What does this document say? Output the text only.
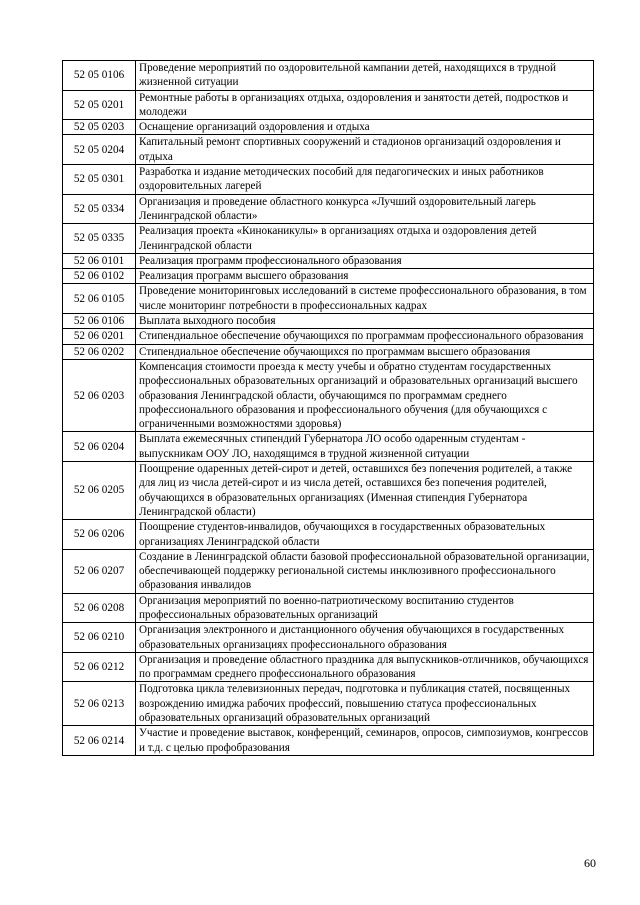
52 05 0106	Проведение мероприятий по оздоровительной кампании детей, находящихся в трудной жизненной ситуации
52 05 0201	Ремонтные работы в организациях отдыха, оздоровления и занятости детей, подростков и молодежи
52 05 0203	Оснащение организаций оздоровления и отдыха
52 05 0204	Капитальный ремонт спортивных сооружений и стадионов организаций оздоровления и отдыха
52 05 0301	Разработка и издание методических пособий для педагогических и иных работников оздоровительных лагерей
52 05 0334	Организация и проведение областного конкурса «Лучший оздоровительный лагерь Ленинградской области»
52 05 0335	Реализация проекта «Киноканикулы» в организациях отдыха и оздоровления детей Ленинградской области
52 06 0101	Реализация программ профессионального образования
52 06 0102	Реализация программ высшего образования
52 06 0105	Проведение мониторинговых исследований в системе профессионального образования, в том числе мониторинг потребности в профессиональных кадрах
52 06 0106	Выплата выходного пособия
52 06 0201	Стипендиальное обеспечение обучающихся по программам профессионального образования
52 06 0202	Стипендиальное обеспечение обучающихся по программам высшего образования
52 06 0203	Компенсация стоимости проезда к месту учебы и обратно студентам государственных профессиональных образовательных организаций и образовательных организаций высшего образования Ленинградской области, обучающимся по программам среднего профессионального образования и профессионального обучения (для обучающихся с ограниченными возможностями здоровья)
52 06 0204	Выплата ежемесячных стипендий Губернатора ЛО особо одаренным студентам - выпускникам ООУ ЛО, находящимся в трудной жизненной ситуации
52 06 0205	Поощрение одаренных детей-сирот и детей, оставшихся без попечения родителей, а также для лиц из числа детей-сирот и из числа детей, оставшихся без попечения родителей, обучающихся в образовательных организациях (Именная стипендия Губернатора Ленинградской области)
52 06 0206	Поощрение студентов-инвалидов, обучающихся в государственных образовательных организациях Ленинградской области
52 06 0207	Создание в Ленинградской области базовой профессиональной образовательной организации, обеспечивающей поддержку региональной системы инклюзивного профессионального образования инвалидов
52 06 0208	Организация мероприятий по военно-патриотическому воспитанию студентов профессиональных образовательных организаций
52 06 0210	Организация электронного и дистанционного обучения обучающихся в государственных образовательных организациях профессионального образования
52 06 0212	Организация и проведение областного праздника для выпускников-отличников, обучающихся по программам среднего профессионального образования
52 06 0213	Подготовка цикла телевизионных передач, подготовка и публикация статей, посвященных возрождению имиджа рабочих профессий, повышению статуса профессиональных образовательных организаций образовательных организаций
52 06 0214	Участие и проведение выставок, конференций, семинаров, опросов, симпозиумов, конгрессов и т.д. с целью профобразования
60
